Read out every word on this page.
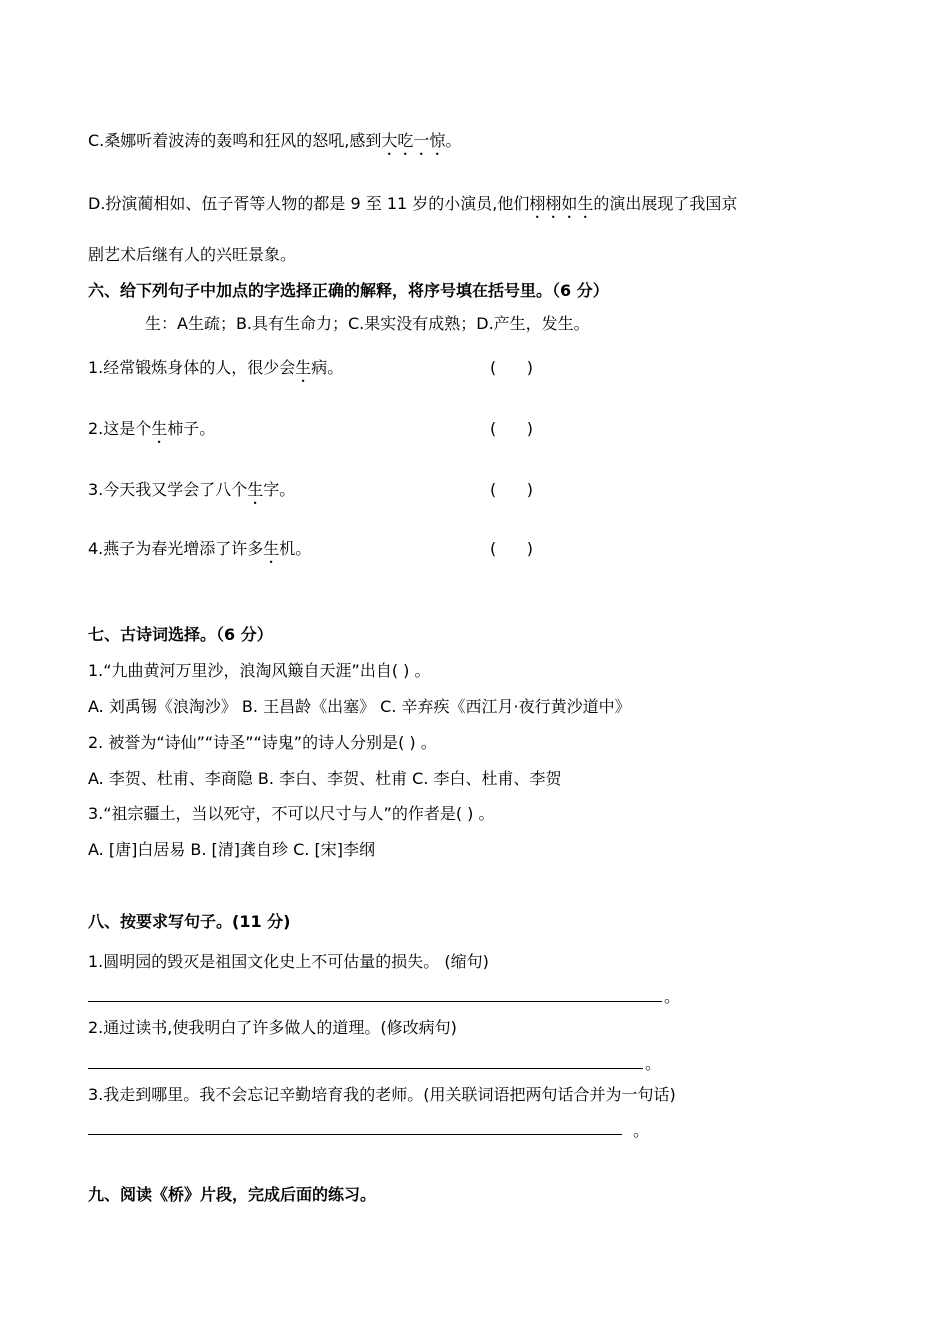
C.桑娜听着波涛的轰鸣和狂风的怒吼,感到大吃一惊。
D.扮演蔺相如、伍子胥等人物的都是 9 至 11 岁的小演员,他们栩栩如生的演出展现了我国京
剧艺术后继有人的兴旺景象。
六、给下列句子中加点的字选择正确的解释，将序号填在括号里。（6 分）
生：A生疏；B.具有生命力；C.果实没有成熟；D.产生，发生。
1.经常锻炼身体的人，很少会生病。	(      )
2.这是个生柿子。	(      )
3.今天我又学会了八个生字。	(      )
4.燕子为春光增添了许多生机。	(      )
七、古诗词选择。（6 分）
1.“九曲黄河万里沙，浪淘风簸自天涯”出自( ) 。
A. 刘禹锡《浪淘沙》 B. 王昌龄《出塞》 C. 辛弃疾《西江月·夜行黄沙道中》
2. 被誉为“诗仙”“诗圣”“诗鬼”的诗人分别是( ) 。
A. 李贺、杜甫、李商隐 B. 李白、李贺、杜甫 C. 李白、杜甫、李贺
3.“祖宗疆土，当以死守，不可以尺寸与人”的作者是( ) 。
A. [唐]白居易 B. [清]龚自珍 C. [宋]李纲
八、按要求写句子。(11 分)
1.圆明园的毁灭是祖国文化史上不可估量的损失。 (缩句)
。
2.通过读书,使我明白了许多做人的道理。(修改病句)
。
3.我走到哪里。我不会忘记辛勤培育我的老师。(用关联词语把两句话合并为一句话)
。
九、阅读《桥》片段，完成后面的练习。
